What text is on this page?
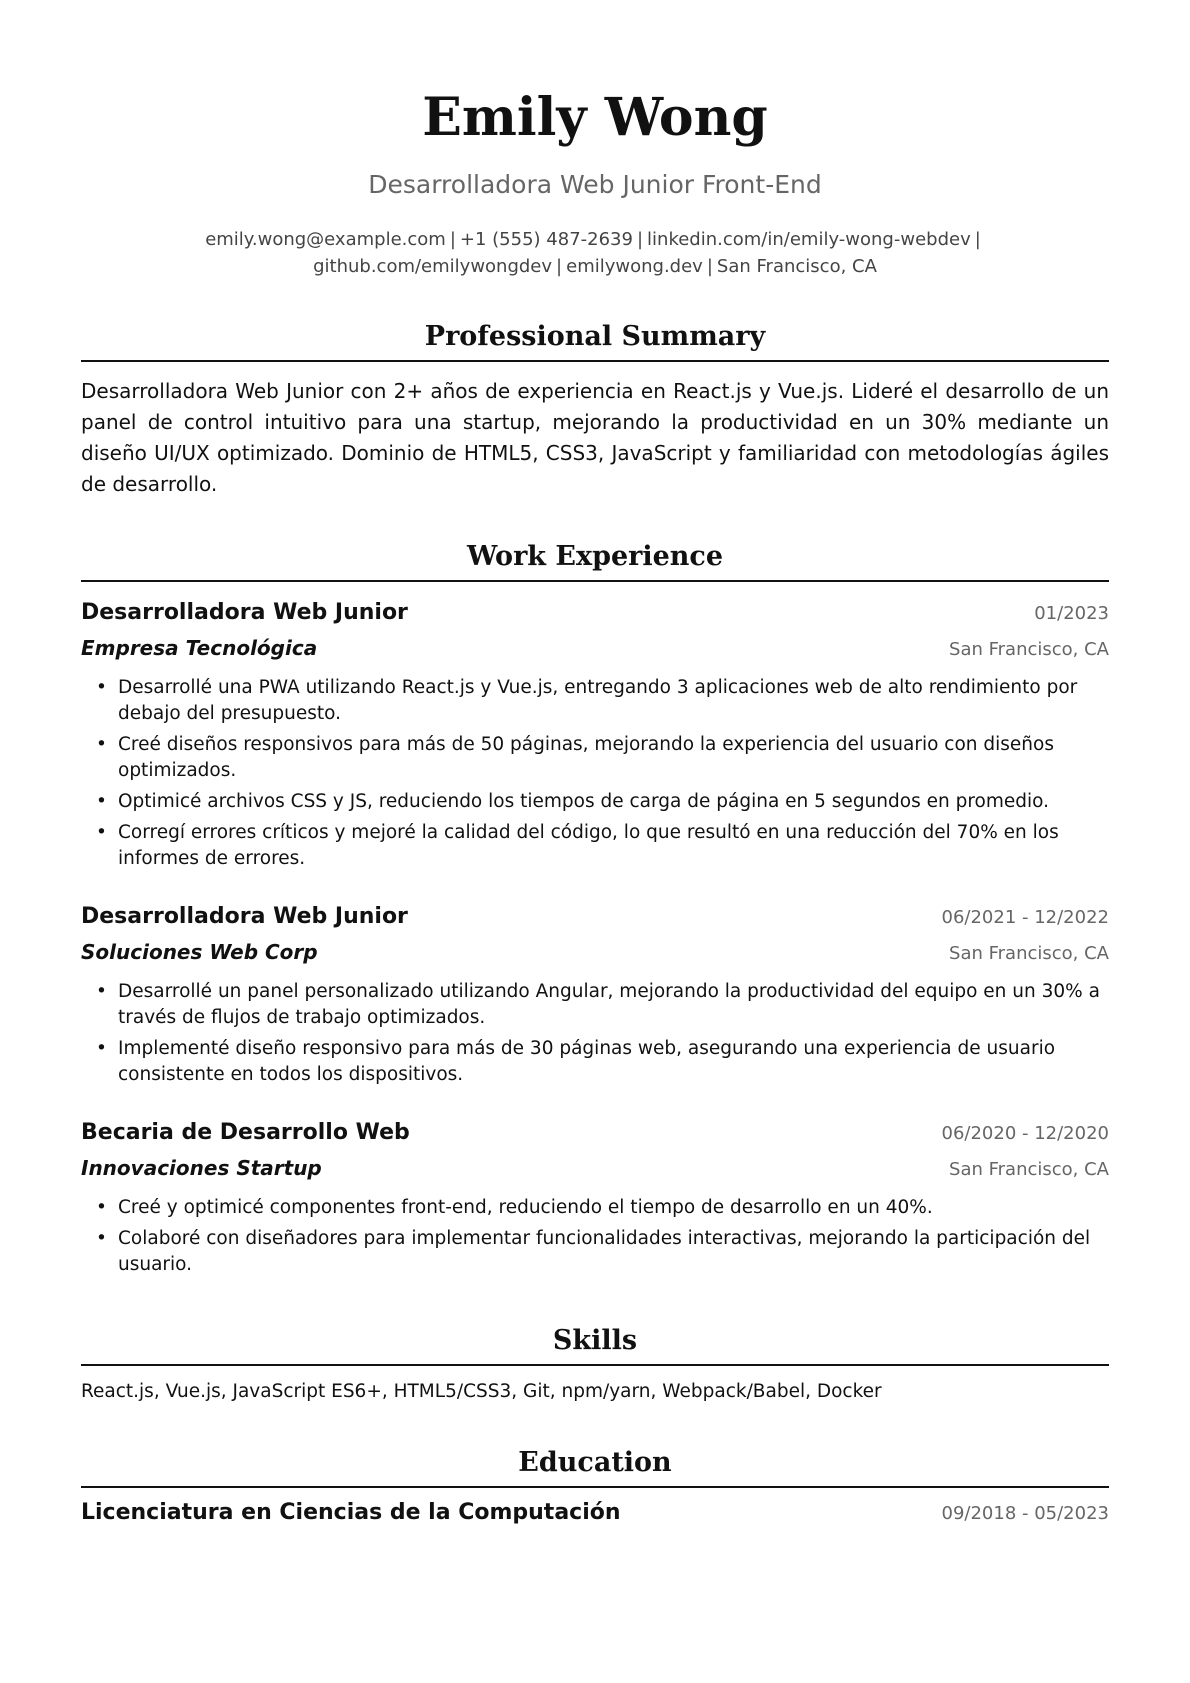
Emily Wong
Desarrolladora Web Junior Front-End
emily.wong@example.com | +1 (555) 487-2639 | linkedin.com/in/emily-wong-webdev |
github.com/emilywongdev | emilywong.dev | San Francisco, CA
Professional Summary

Desarrolladora Web Junior con 2+ años de experiencia en React.js y Vue.js. Lideré el desarrollo de un panel de control intuitivo para una startup, mejorando la productividad en un 30% mediante un diseño UI/UX optimizado. Dominio de HTML5, CSS3, JavaScript y familiaridad con metodologías ágiles de desarrollo.

Work Experience
Desarrolladora Web Junior	01/2023
Empresa Tecnológica	San Francisco, CA
• Desarrollé una PWA utilizando React.js y Vue.js, entregando 3 aplicaciones web de alto rendimiento por debajo del presupuesto.
• Creé diseños responsivos para más de 50 páginas, mejorando la experiencia del usuario con diseños optimizados.
• Optimicé archivos CSS y JS, reduciendo los tiempos de carga de página en 5 segundos en promedio.
• Corregí errores críticos y mejoré la calidad del código, lo que resultó en una reducción del 70% en los informes de errores.
Desarrolladora Web Junior	06/2021 - 12/2022
Soluciones Web Corp	San Francisco, CA
• Desarrollé un panel personalizado utilizando Angular, mejorando la productividad del equipo en un 30% a través de flujos de trabajo optimizados.
• Implementé diseño responsivo para más de 30 páginas web, asegurando una experiencia de usuario consistente en todos los dispositivos.
Becaria de Desarrollo Web	06/2020 - 12/2020
Innovaciones Startup	San Francisco, CA
• Creé y optimicé componentes front-end, reduciendo el tiempo de desarrollo en un 40%.
• Colaboré con diseñadores para implementar funcionalidades interactivas, mejorando la participación del usuario.
Skills
React.js, Vue.js, JavaScript ES6+, HTML5/CSS3, Git, npm/yarn, Webpack/Babel, Docker
Education
Licenciatura en Ciencias de la Computación	09/2018 - 05/2023
